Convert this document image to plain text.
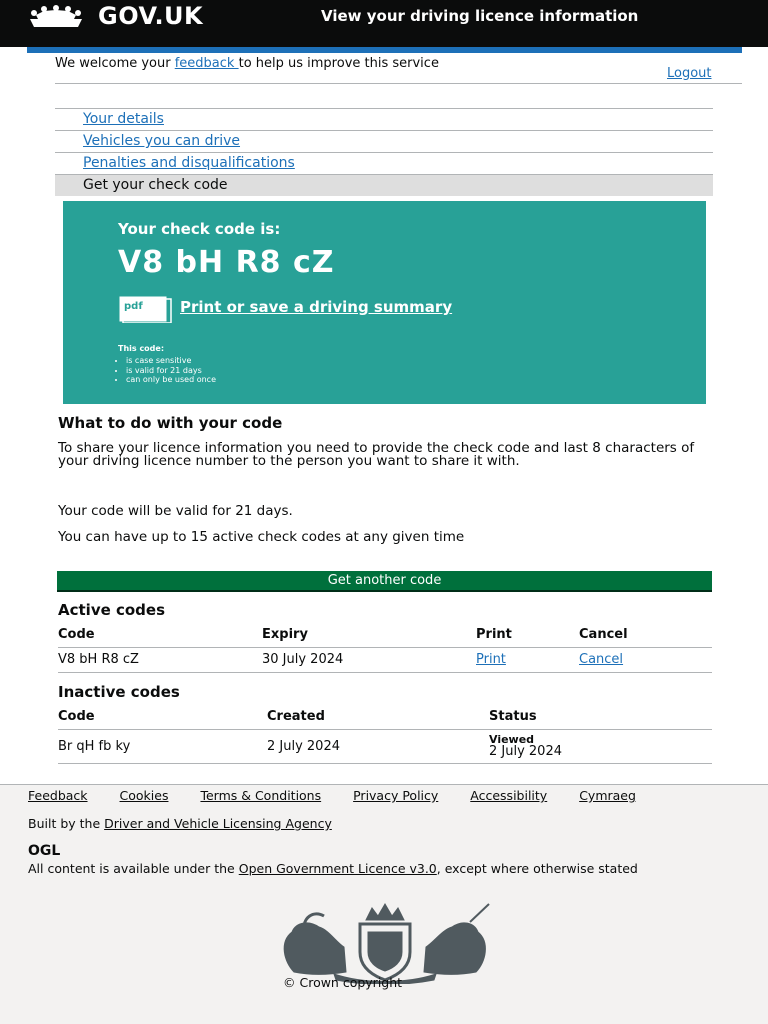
GOV.UK	View your driving licence information
We welcome your feedback to help us improve this service
Logout
Your details
Vehicles you can drive
Penalties and disqualifications
Get your check code
Your check code is:
V8 bH R8 cZ
pdf Print or save a driving summary
This code:
• is case sensitive
• is valid for 21 days
• can only be used once
What to do with your code

To share your licence information you need to provide the check code and last 8 characters of your driving licence number to the person you want to share it with.

Your code will be valid for 21 days.

You can have up to 15 active check codes at any given time

Get another code
Active codes
Code	Expiry	Print	Cancel
V8 bH R8 cZ	30 July 2024	Print	Cancel
Inactive codes
Code	Created	Status
Br qH fb ky	2 July 2024	Viewed
2 July 2024
Feedback	Cookies	Terms & Conditions	Privacy Policy	Accessibility	Cymraeg
Built by the Driver and Vehicle Licensing Agency
OGL
All content is available under the Open Government Licence v3.0, except where otherwise stated
© Crown copyright
